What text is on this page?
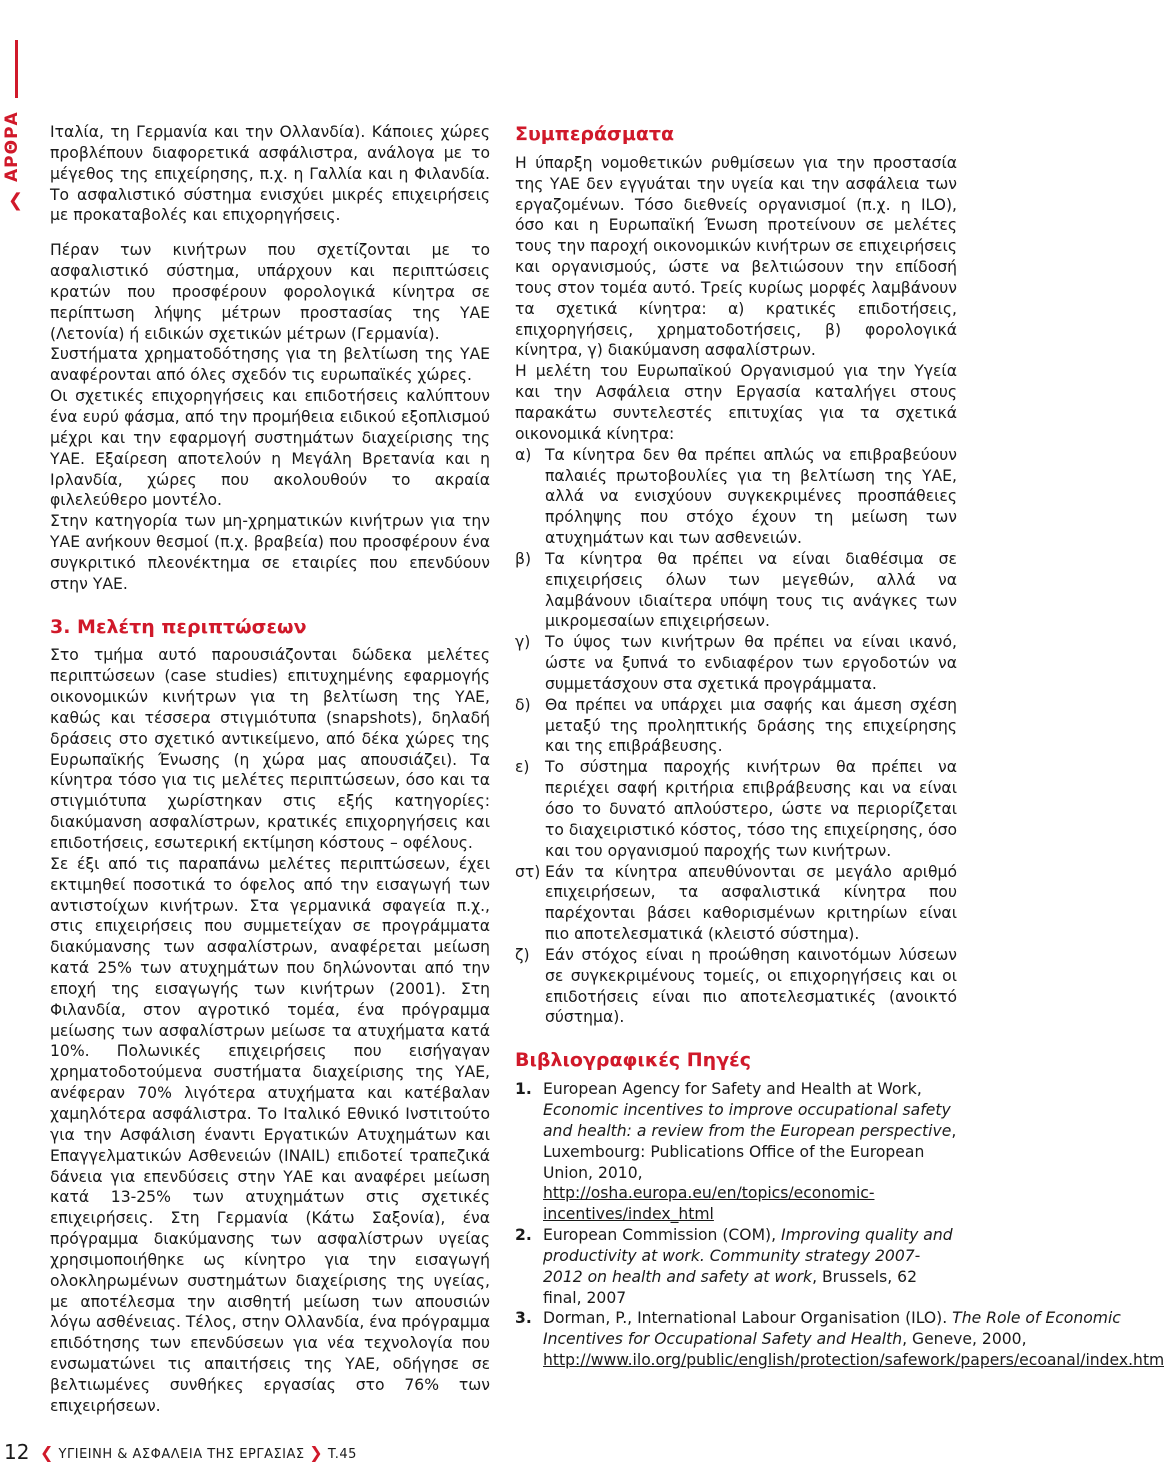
ΑΡΘΡΑ
❮

Ιταλία, τη Γερμανία και την Ολλανδία). Κάποιες χώρες προβλέπουν διαφορετικά ασφάλιστρα, ανάλογα με το μέγεθος της επιχείρησης, π.χ. η Γαλλία και η Φιλανδία. Το ασφαλιστικό σύστημα ενισχύει μικρές επιχειρήσεις με προκαταβολές και επιχορηγήσεις.

Πέραν των κινήτρων που σχετίζονται με το ασφαλιστικό σύστημα, υπάρχουν και περιπτώσεις κρατών που προσφέρουν φορολογικά κίνητρα σε περίπτωση λήψης μέτρων προστασίας της ΥΑΕ (Λετονία) ή ειδικών σχετικών μέτρων (Γερμανία).

Συστήματα χρηματοδότησης για τη βελτίωση της ΥΑΕ αναφέρονται από όλες σχεδόν τις ευρωπαϊκές χώρες.

Οι σχετικές επιχορηγήσεις και επιδοτήσεις καλύπτουν ένα ευρύ φάσμα, από την προμήθεια ειδικού εξοπλισμού μέχρι και την εφαρμογή συστημάτων διαχείρισης της ΥΑΕ. Εξαίρεση αποτελούν η Μεγάλη Βρετανία και η Ιρλανδία, χώρες που ακολουθούν το ακραία φιλελεύθερο μοντέλο.

Στην κατηγορία των μη-χρηματικών κινήτρων για την ΥΑΕ ανήκουν θεσμοί (π.χ. βραβεία) που προσφέρουν ένα συγκριτικό πλεονέκτημα σε εταιρίες που επενδύουν στην ΥΑΕ.

3. Μελέτη περιπτώσεων

Στο τμήμα αυτό παρουσιάζονται δώδεκα μελέτες περιπτώσεων (case studies) επιτυχημένης εφαρμογής οικονομικών κινήτρων για τη βελτίωση της ΥΑΕ, καθώς και τέσσερα στιγμιότυπα (snapshots), δηλαδή δράσεις στο σχετικό αντικείμενο, από δέκα χώρες της Ευρωπαϊκής Ένωσης (η χώρα μας απουσιάζει). Τα κίνητρα τόσο για τις μελέτες περιπτώσεων, όσο και τα στιγμιότυπα χωρίστηκαν στις εξής κατηγορίες: διακύμανση ασφαλίστρων, κρατικές επιχορηγήσεις και επιδοτήσεις, εσωτερική εκτίμηση κόστους – οφέλους.

Σε έξι από τις παραπάνω μελέτες περιπτώσεων, έχει εκτιμηθεί ποσοτικά το όφελος από την εισαγωγή των αντιστοίχων κινήτρων. Στα γερμανικά σφαγεία π.χ., στις επιχειρήσεις που συμμετείχαν σε προγράμματα διακύμανσης των ασφαλίστρων, αναφέρεται μείωση κατά 25% των ατυχημάτων που δηλώνονται από την εποχή της εισαγωγής των κινήτρων (2001). Στη Φιλανδία, στον αγροτικό τομέα, ένα πρόγραμμα μείωσης των ασφαλίστρων μείωσε τα ατυχήματα κατά 10%. Πολωνικές επιχειρήσεις που εισήγαγαν χρηματοδοτούμενα συστήματα διαχείρισης της ΥΑΕ, ανέφεραν 70% λιγότερα ατυχήματα και κατέβαλαν χαμηλότερα ασφάλιστρα. Το Ιταλικό Εθνικό Ινστιτούτο για την Ασφάλιση έναντι Εργατικών Ατυχημάτων και Επαγγελματικών Ασθενειών (INAIL) επιδοτεί τραπεζικά δάνεια για επενδύσεις στην ΥΑΕ και αναφέρει μείωση κατά 13-25% των ατυχημάτων στις σχετικές επιχειρήσεις. Στη Γερμανία (Κάτω Σαξονία), ένα πρόγραμμα διακύμανσης των ασφαλίστρων υγείας χρησιμοποιήθηκε ως κίνητρο για την εισαγωγή ολοκληρωμένων συστημάτων διαχείρισης της υγείας, με αποτέλεσμα την αισθητή μείωση των απουσιών λόγω ασθένειας. Τέλος, στην Ολλανδία, ένα πρόγραμμα επιδότησης των επενδύσεων για νέα τεχνολογία που ενσωματώνει τις απαιτήσεις της ΥΑΕ, οδήγησε σε βελτιωμένες συνθήκες εργασίας στο 76% των επιχειρήσεων.

Συμπεράσματα

Η ύπαρξη νομοθετικών ρυθμίσεων για την προστασία της ΥΑΕ δεν εγγυάται την υγεία και την ασφάλεια των εργαζομένων. Τόσο διεθνείς οργανισμοί (π.χ. η ILO), όσο και η Ευρωπαϊκή Ένωση προτείνουν σε μελέτες τους την παροχή οικονομικών κινήτρων σε επιχειρήσεις και οργανισμούς, ώστε να βελτιώσουν την επίδοσή τους στον τομέα αυτό. Τρείς κυρίως μορφές λαμβάνουν τα σχετικά κίνητρα: α) κρατικές επιδοτήσεις, επιχορηγήσεις, χρηματοδοτήσεις, β) φορολογικά κίνητρα, γ) διακύμανση ασφαλίστρων.

Η μελέτη του Ευρωπαϊκού Οργανισμού για την Υγεία και την Ασφάλεια στην Εργασία καταλήγει στους παρακάτω συντελεστές επιτυχίας για τα σχετικά οικονομικά κίνητρα:

α) Τα κίνητρα δεν θα πρέπει απλώς να επιβραβεύουν παλαιές πρωτοβουλίες για τη βελτίωση της ΥΑΕ, αλλά να ενισχύουν συγκεκριμένες προσπάθειες πρόληψης που στόχο έχουν τη μείωση των ατυχημάτων και των ασθενειών.
β) Τα κίνητρα θα πρέπει να είναι διαθέσιμα σε επιχειρήσεις όλων των μεγεθών, αλλά να λαμβάνουν ιδιαίτερα υπόψη τους τις ανάγκες των μικρομεσαίων επιχειρήσεων.
γ) Το ύψος των κινήτρων θα πρέπει να είναι ικανό, ώστε να ξυπνά το ενδιαφέρον των εργοδοτών να συμμετάσχουν στα σχετικά προγράμματα.
δ) Θα πρέπει να υπάρχει μια σαφής και άμεση σχέση μεταξύ της προληπτικής δράσης της επιχείρησης και της επιβράβευσης.
ε) Το σύστημα παροχής κινήτρων θα πρέπει να περιέχει σαφή κριτήρια επιβράβευσης και να είναι όσο το δυνατό απλούστερο, ώστε να περιορίζεται το διαχειριστικό κόστος, τόσο της επιχείρησης, όσο και του οργανισμού παροχής των κινήτρων.
στ) Εάν τα κίνητρα απευθύνονται σε μεγάλο αριθμό επιχειρήσεων, τα ασφαλιστικά κίνητρα που παρέχονται βάσει καθορισμένων κριτηρίων είναι πιο αποτελεσματικά (κλειστό σύστημα).
ζ) Εάν στόχος είναι η προώθηση καινοτόμων λύσεων σε συγκεκριμένους τομείς, οι επιχορηγήσεις και οι επιδοτήσεις είναι πιο αποτελεσματικές (ανοικτό σύστημα).
Βιβλιογραφικές Πηγές
1. European Agency for Safety and Health at Work, Economic incentives to improve occupational safety and health: a review from the European perspective, Luxembourg: Publications Office of the European Union, 2010, http://osha.europa.eu/en/topics/economic-incentives/index_html
2. European Commission (COM), Improving quality and productivity at work. Community strategy 2007-2012 on health and safety at work, Brussels, 62 final, 2007
3. Dorman, P., International Labour Organisation (ILO). The Role of Economic Incentives for Occupational Safety and Health, Geneve, 2000, http://www.ilo.org/public/english/protection/safework/papers/ecoanal/index.htm
12 ❮ ΥΓΙΕΙΝΗ & ΑΣΦΑΛΕΙΑ ΤΗΣ ΕΡΓΑΣΙΑΣ ❯ T.45
